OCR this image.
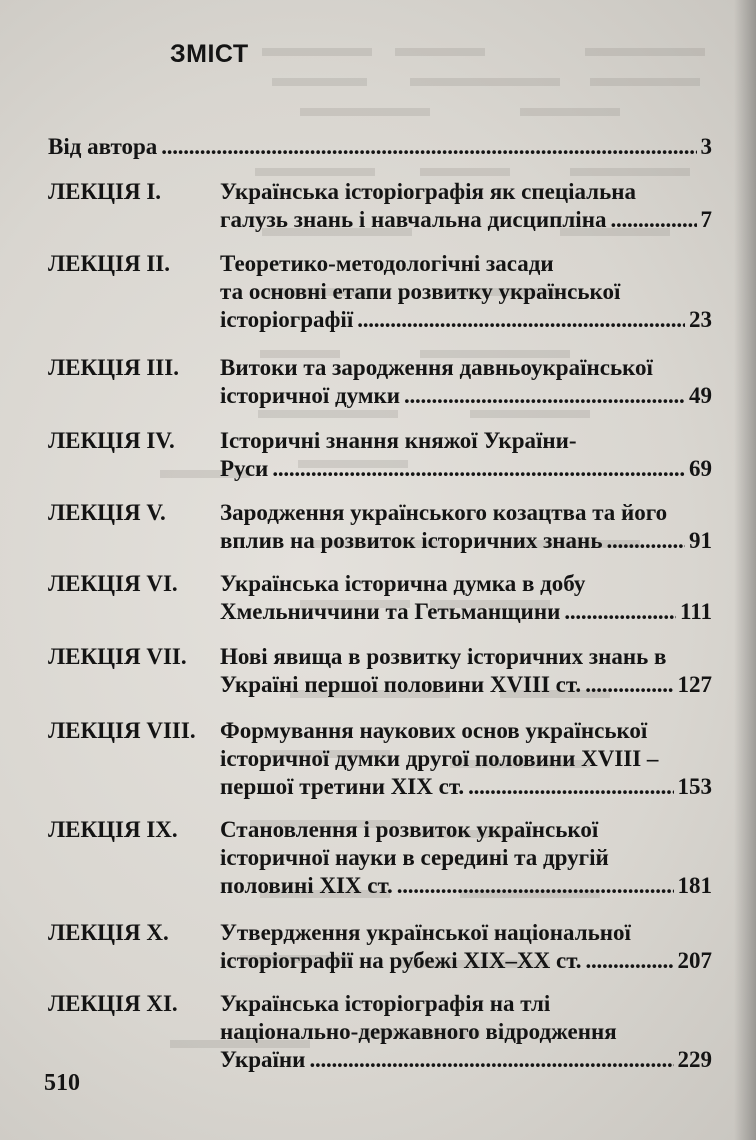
ЗМІСТ
Від автора . . .	3
ЛЕКЦІЯ I.	Українська історіографія як спеціальна
галузь знань і навчальна дисципліна . . .	7
ЛЕКЦІЯ II.	Теоретико-методологічні засади
та основні етапи розвитку української
історіографії . . .	23
ЛЕКЦІЯ III.	Витоки та зародження давньоукраїнської
історичної думки . . .	49
ЛЕКЦІЯ IV.	Історичні знання княжої України-
Руси . . .	69
ЛЕКЦІЯ V.	Зародження українського козацтва та його
вплив на розвиток історичних знань . . .	91
ЛЕКЦІЯ VI.	Українська історична думка в добу
Хмельниччини та Гетьманщини . . .	111
ЛЕКЦІЯ VII.	Нові явища в розвитку історичних знань в
Україні першої половини XVIII ст. . . .	127
ЛЕКЦІЯ VIII.	Формування наукових основ української
історичної думки другої половини XVIII –
першої третини XIX ст. . . .	153
ЛЕКЦІЯ IX.	Становлення і розвиток української
історичної науки в середині та другій
половині XIX ст. . . .	181
ЛЕКЦІЯ X.	Утвердження української національної
історіографії на рубежі XIX–XX ст. . . .	207
ЛЕКЦІЯ XI.	Українська історіографія на тлі
національно-державного відродження
України . . .	229
510
